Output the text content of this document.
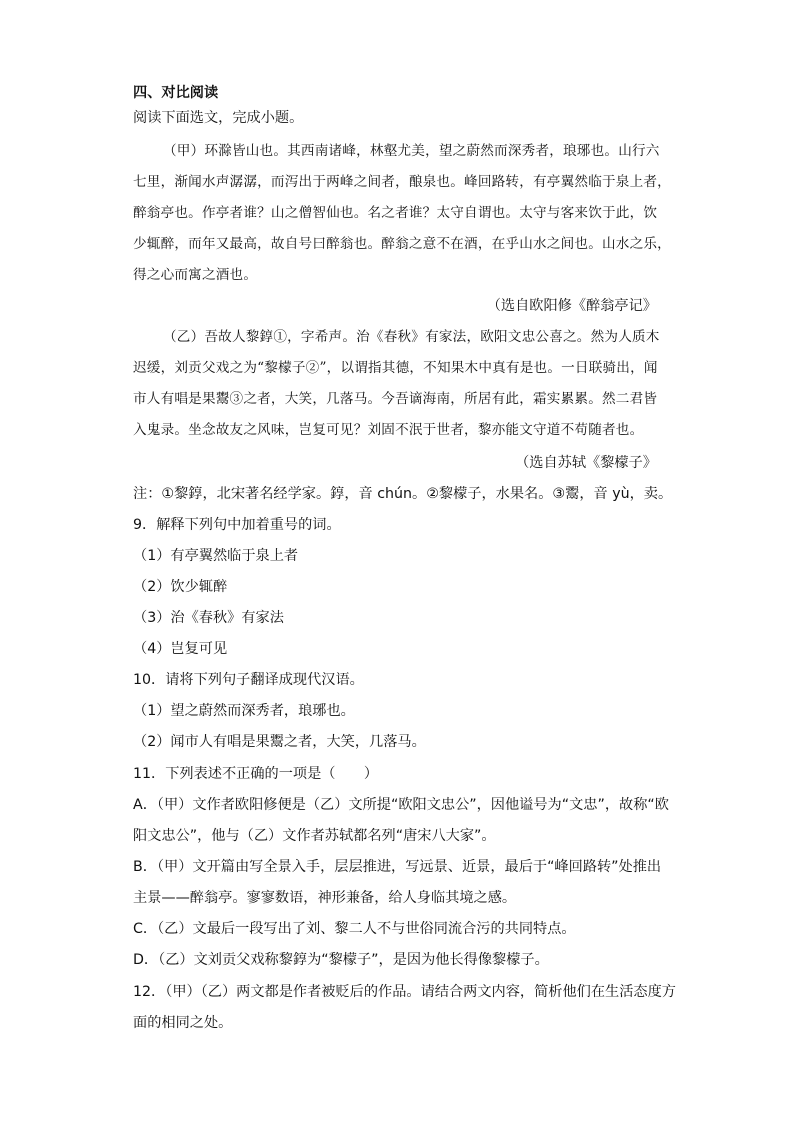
四、对比阅读
阅读下面选文，完成小题。
（甲）环滁皆山也。其西南诸峰，林壑尤美，望之蔚然而深秀者，琅琊也。山行六
七里，渐闻水声潺潺，而泻出于两峰之间者，酿泉也。峰回路转，有亭翼然临于泉上者，
醉翁亭也。作亭者谁？山之僧智仙也。名之者谁？太守自谓也。太守与客来饮于此，饮
少辄醉，而年又最高，故自号曰醉翁也。醉翁之意不在酒，在乎山水之间也。山水之乐，
得之心而寓之酒也。
（选自欧阳修《醉翁亭记》
（乙）吾故人黎錞①，字希声。治《春秋》有家法，欧阳文忠公喜之。然为人质木
迟缓，刘贡父戏之为“黎檬子②”，以谓指其德，不知果木中真有是也。一日联骑出，闻
市人有唱是果鬻③之者，大笑，几落马。今吾谪海南，所居有此，霜实累累。然二君皆
入鬼录。坐念故友之风味，岂复可见？刘固不泯于世者，黎亦能文守道不苟随者也。
（选自苏轼《黎檬子》
注：①黎錞，北宋著名经学家。錞，音 chún。②黎檬子，水果名。③鬻，音 yù，卖。
9．解释下列句中加着重号的词。
（1）有亭翼然临于泉上者
（2）饮少辄醉
（3）治《春秋》有家法
（4）岂复可见
10．请将下列句子翻译成现代汉语。
（1）望之蔚然而深秀者，琅琊也。
（2）闻市人有唱是果鬻之者，大笑，几落马。
11．下列表述不正确的一项是（　　）
A．（甲）文作者欧阳修便是（乙）文所提“欧阳文忠公”，因他谥号为“文忠”，故称“欧
阳文忠公”，他与（乙）文作者苏轼都名列“唐宋八大家”。
B．（甲）文开篇由写全景入手，层层推进，写远景、近景，最后于“峰回路转”处推出
主景——醉翁亭。寥寥数语，神形兼备，给人身临其境之感。
C．（乙）文最后一段写出了刘、黎二人不与世俗同流合污的共同特点。
D．（乙）文刘贡父戏称黎錞为“黎檬子”，是因为他长得像黎檬子。
12．（甲）（乙）两文都是作者被贬后的作品。请结合两文内容，简析他们在生活态度方
面的相同之处。
